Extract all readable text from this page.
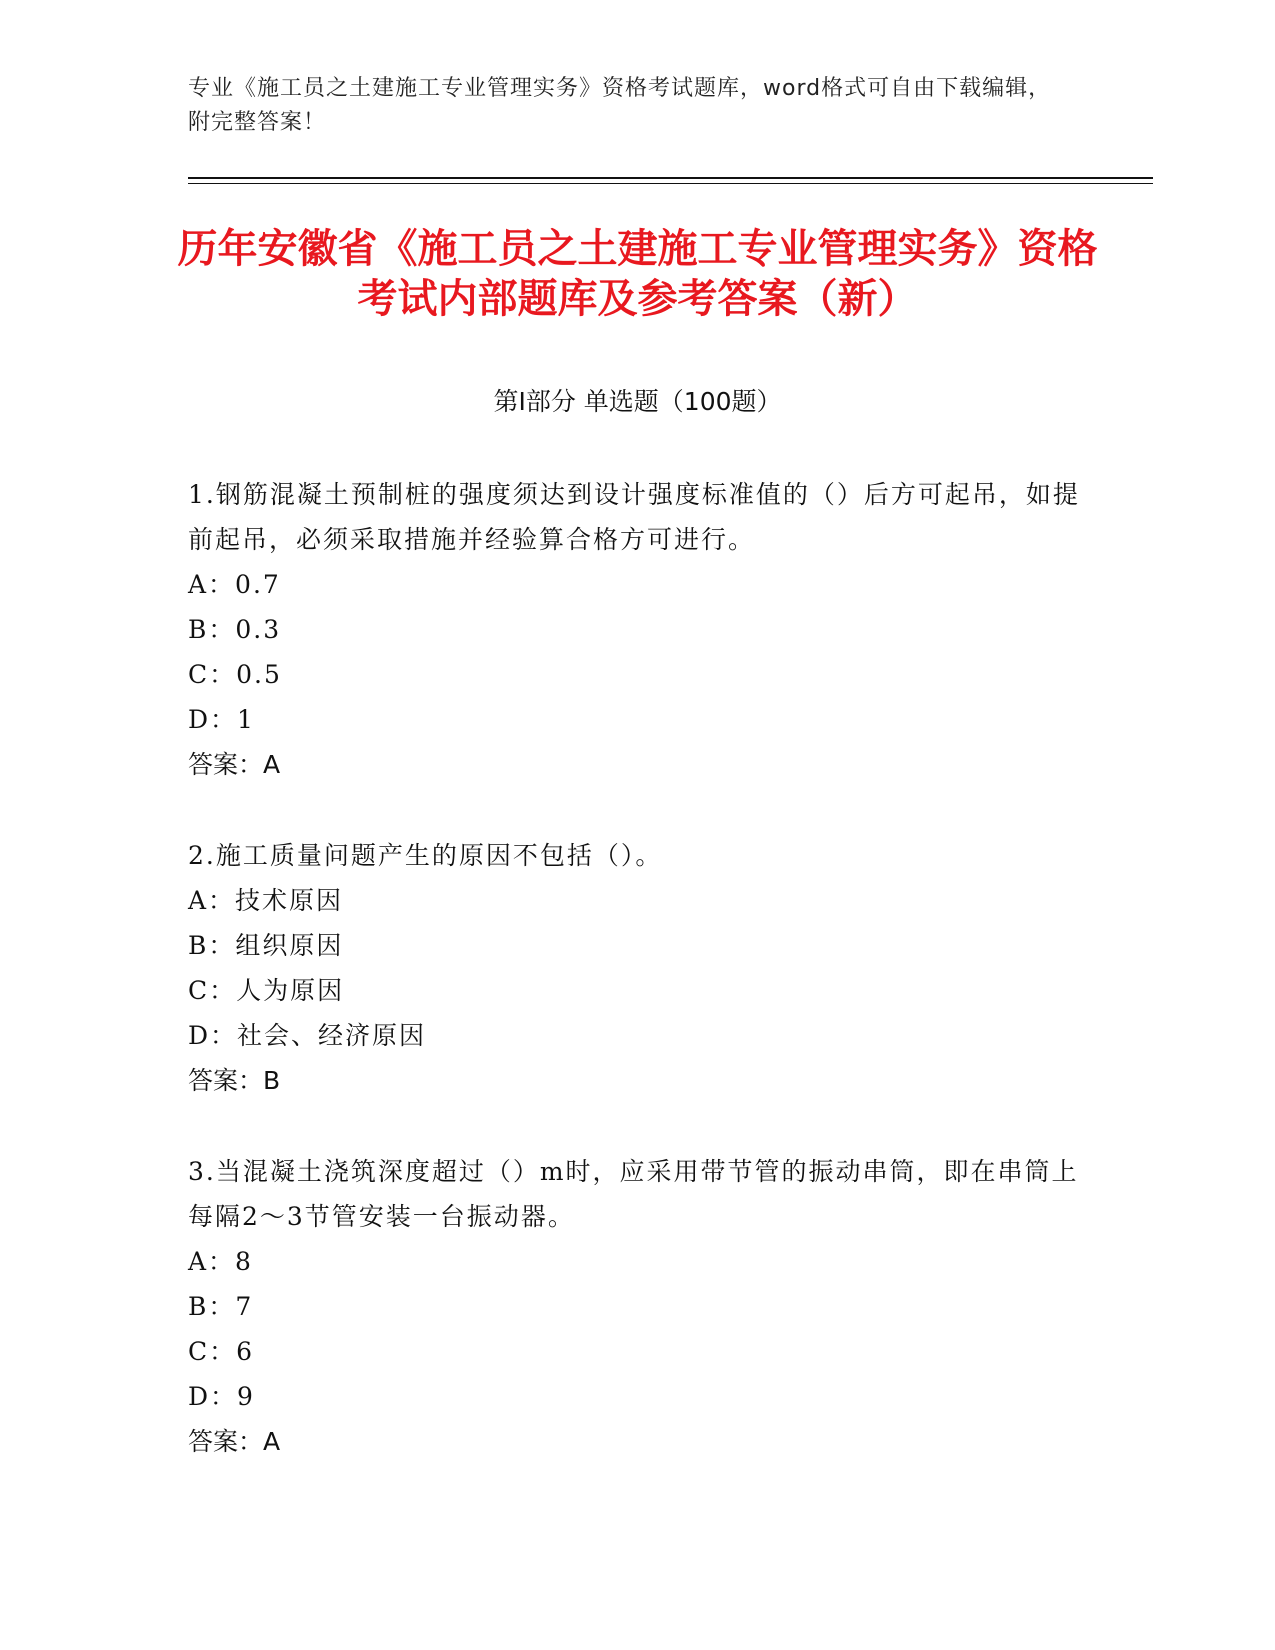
专业《施工员之土建施工专业管理实务》资格考试题库，word格式可自由下载编辑，附完整答案！
历年安徽省《施工员之土建施工专业管理实务》资格考试内部题库及参考答案（新）
第Ⅰ部分 单选题（100题）
1.钢筋混凝土预制桩的强度须达到设计强度标准值的（）后方可起吊，如提前起吊，必须采取措施并经验算合格方可进行。
A：0.7
B：0.3
C：0.5
D：1
答案：A
2.施工质量问题产生的原因不包括（）。
A：技术原因
B：组织原因
C：人为原因
D：社会、经济原因
答案：B
3.当混凝土浇筑深度超过（）m时，应采用带节管的振动串筒，即在串筒上每隔2～3节管安装一台振动器。
A：8
B：7
C：6
D：9
答案：A
